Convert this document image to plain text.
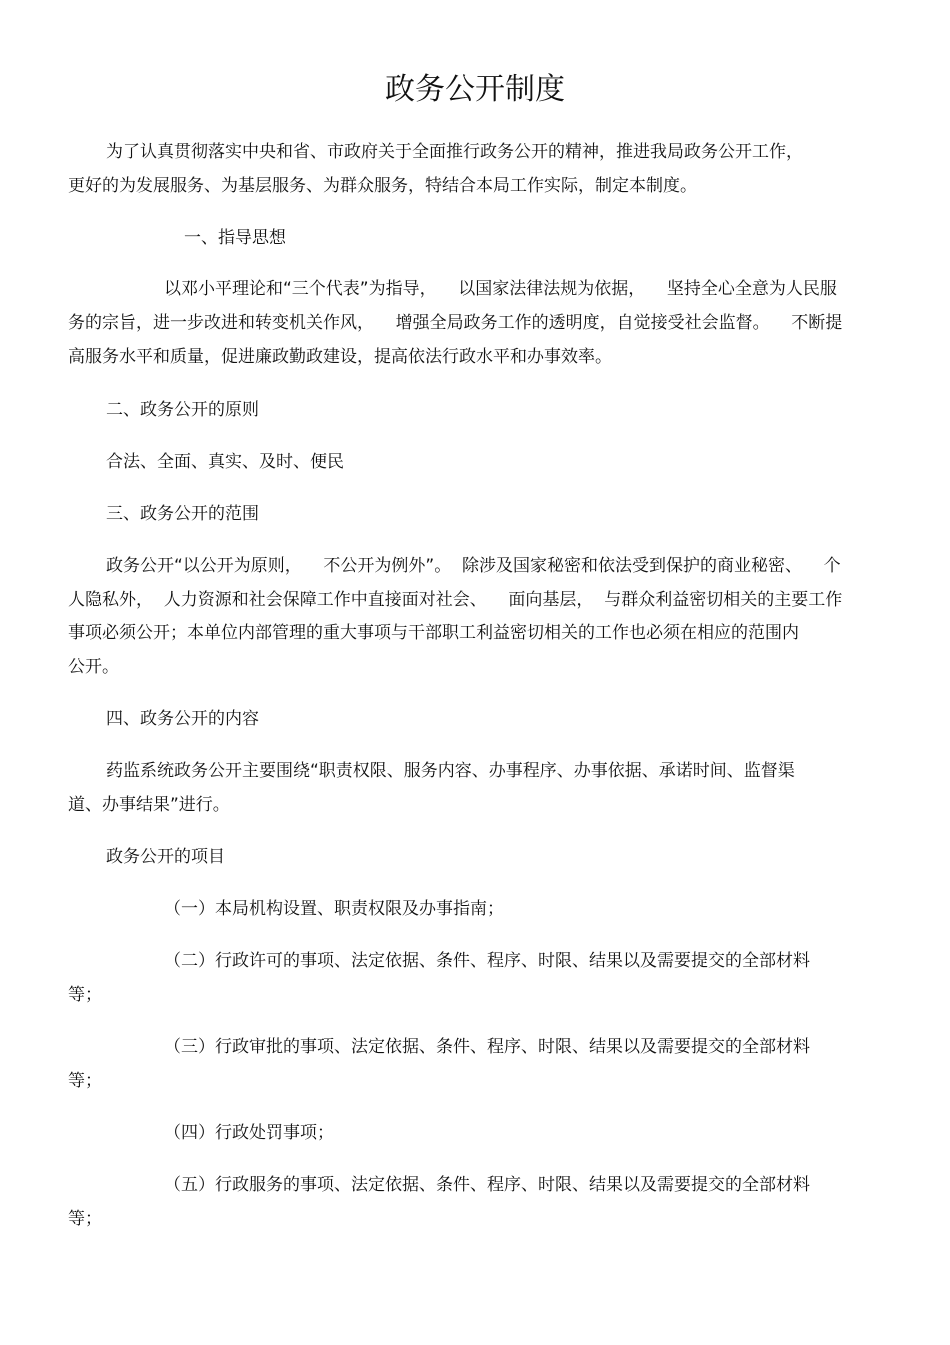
政务公开制度
为了认真贯彻落实中央和省、市政府关于全面推行政务公开的精神，推进我局政务公开工作，
更好的为发展服务、为基层服务、为群众服务，特结合本局工作实际，制定本制度。
一、指导思想
以邓小平理论和“三个代表”为指导，    以国家法律法规为依据，    坚持全心全意为人民服
务的宗旨，进一步改进和转变机关作风，    增强全局政务工作的透明度，自觉接受社会监督。    不断提
高服务水平和质量，促进廉政勤政建设，提高依法行政水平和办事效率。
二、政务公开的原则
合法、全面、真实、及时、便民
三、政务公开的范围
政务公开“以公开为原则，    不公开为例外”。  除涉及国家秘密和依法受到保护的商业秘密、    个
人隐私外，  人力资源和社会保障工作中直接面对社会、    面向基层，  与群众利益密切相关的主要工作
事项必须公开；本单位内部管理的重大事项与干部职工利益密切相关的工作也必须在相应的范围内
公开。
四、政务公开的内容
药监系统政务公开主要围绕“职责权限、服务内容、办事程序、办事依据、承诺时间、监督渠
道、办事结果”进行。
政务公开的项目
（一）本局机构设置、职责权限及办事指南；
（二）行政许可的事项、法定依据、条件、程序、时限、结果以及需要提交的全部材料
等；
（三）行政审批的事项、法定依据、条件、程序、时限、结果以及需要提交的全部材料
等；
（四）行政处罚事项；
（五）行政服务的事项、法定依据、条件、程序、时限、结果以及需要提交的全部材料
等；
